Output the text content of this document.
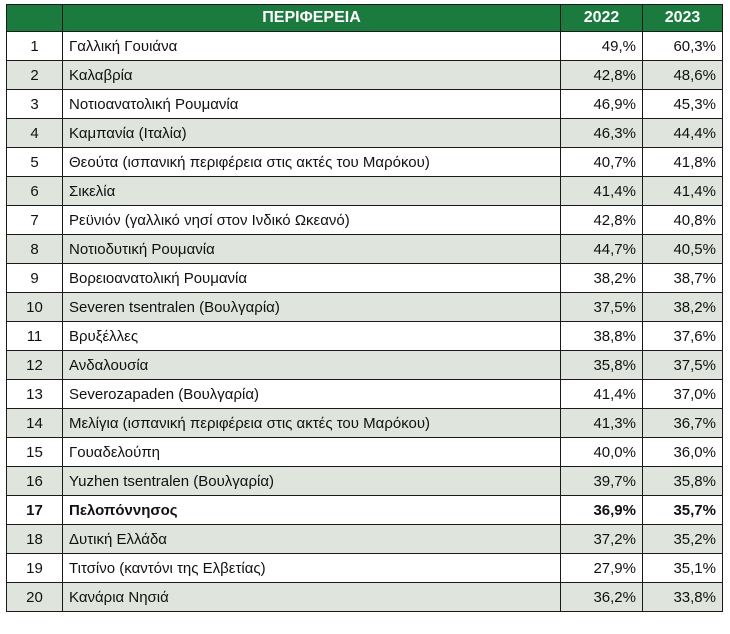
	ΠΕΡΙΦΕΡΕΙΑ	2022	2023
1	Γαλλική Γουιάνα	49,%	60,3%
2	Καλαβρία	42,8%	48,6%
3	Νοτιοανατολική Ρουμανία	46,9%	45,3%
4	Καμπανία (Ιταλία)	46,3%	44,4%
5	Θεούτα (ισπανική περιφέρεια στις ακτές του Μαρόκου)	40,7%	41,8%
6	Σικελία	41,4%	41,4%
7	Ρεϋνιόν (γαλλικό νησί στον Ινδικό Ωκεανό)	42,8%	40,8%
8	Νοτιοδυτική Ρουμανία	44,7%	40,5%
9	Βορειοανατολική Ρουμανία	38,2%	38,7%
10	Severen tsentralen (Βουλγαρία)	37,5%	38,2%
11	Βρυξέλλες	38,8%	37,6%
12	Ανδαλουσία	35,8%	37,5%
13	Severozapaden (Βουλγαρία)	41,4%	37,0%
14	Μελίγια (ισπανική περιφέρεια στις ακτές του Μαρόκου)	41,3%	36,7%
15	Γουαδελούπη	40,0%	36,0%
16	Yuzhen tsentralen (Βουλγαρία)	39,7%	35,8%
17	Πελοπόννησος	36,9%	35,7%
18	Δυτική Ελλάδα	37,2%	35,2%
19	Τιτσίνο (καντόνι της Ελβετίας)	27,9%	35,1%
20	Κανάρια Νησιά	36,2%	33,8%
